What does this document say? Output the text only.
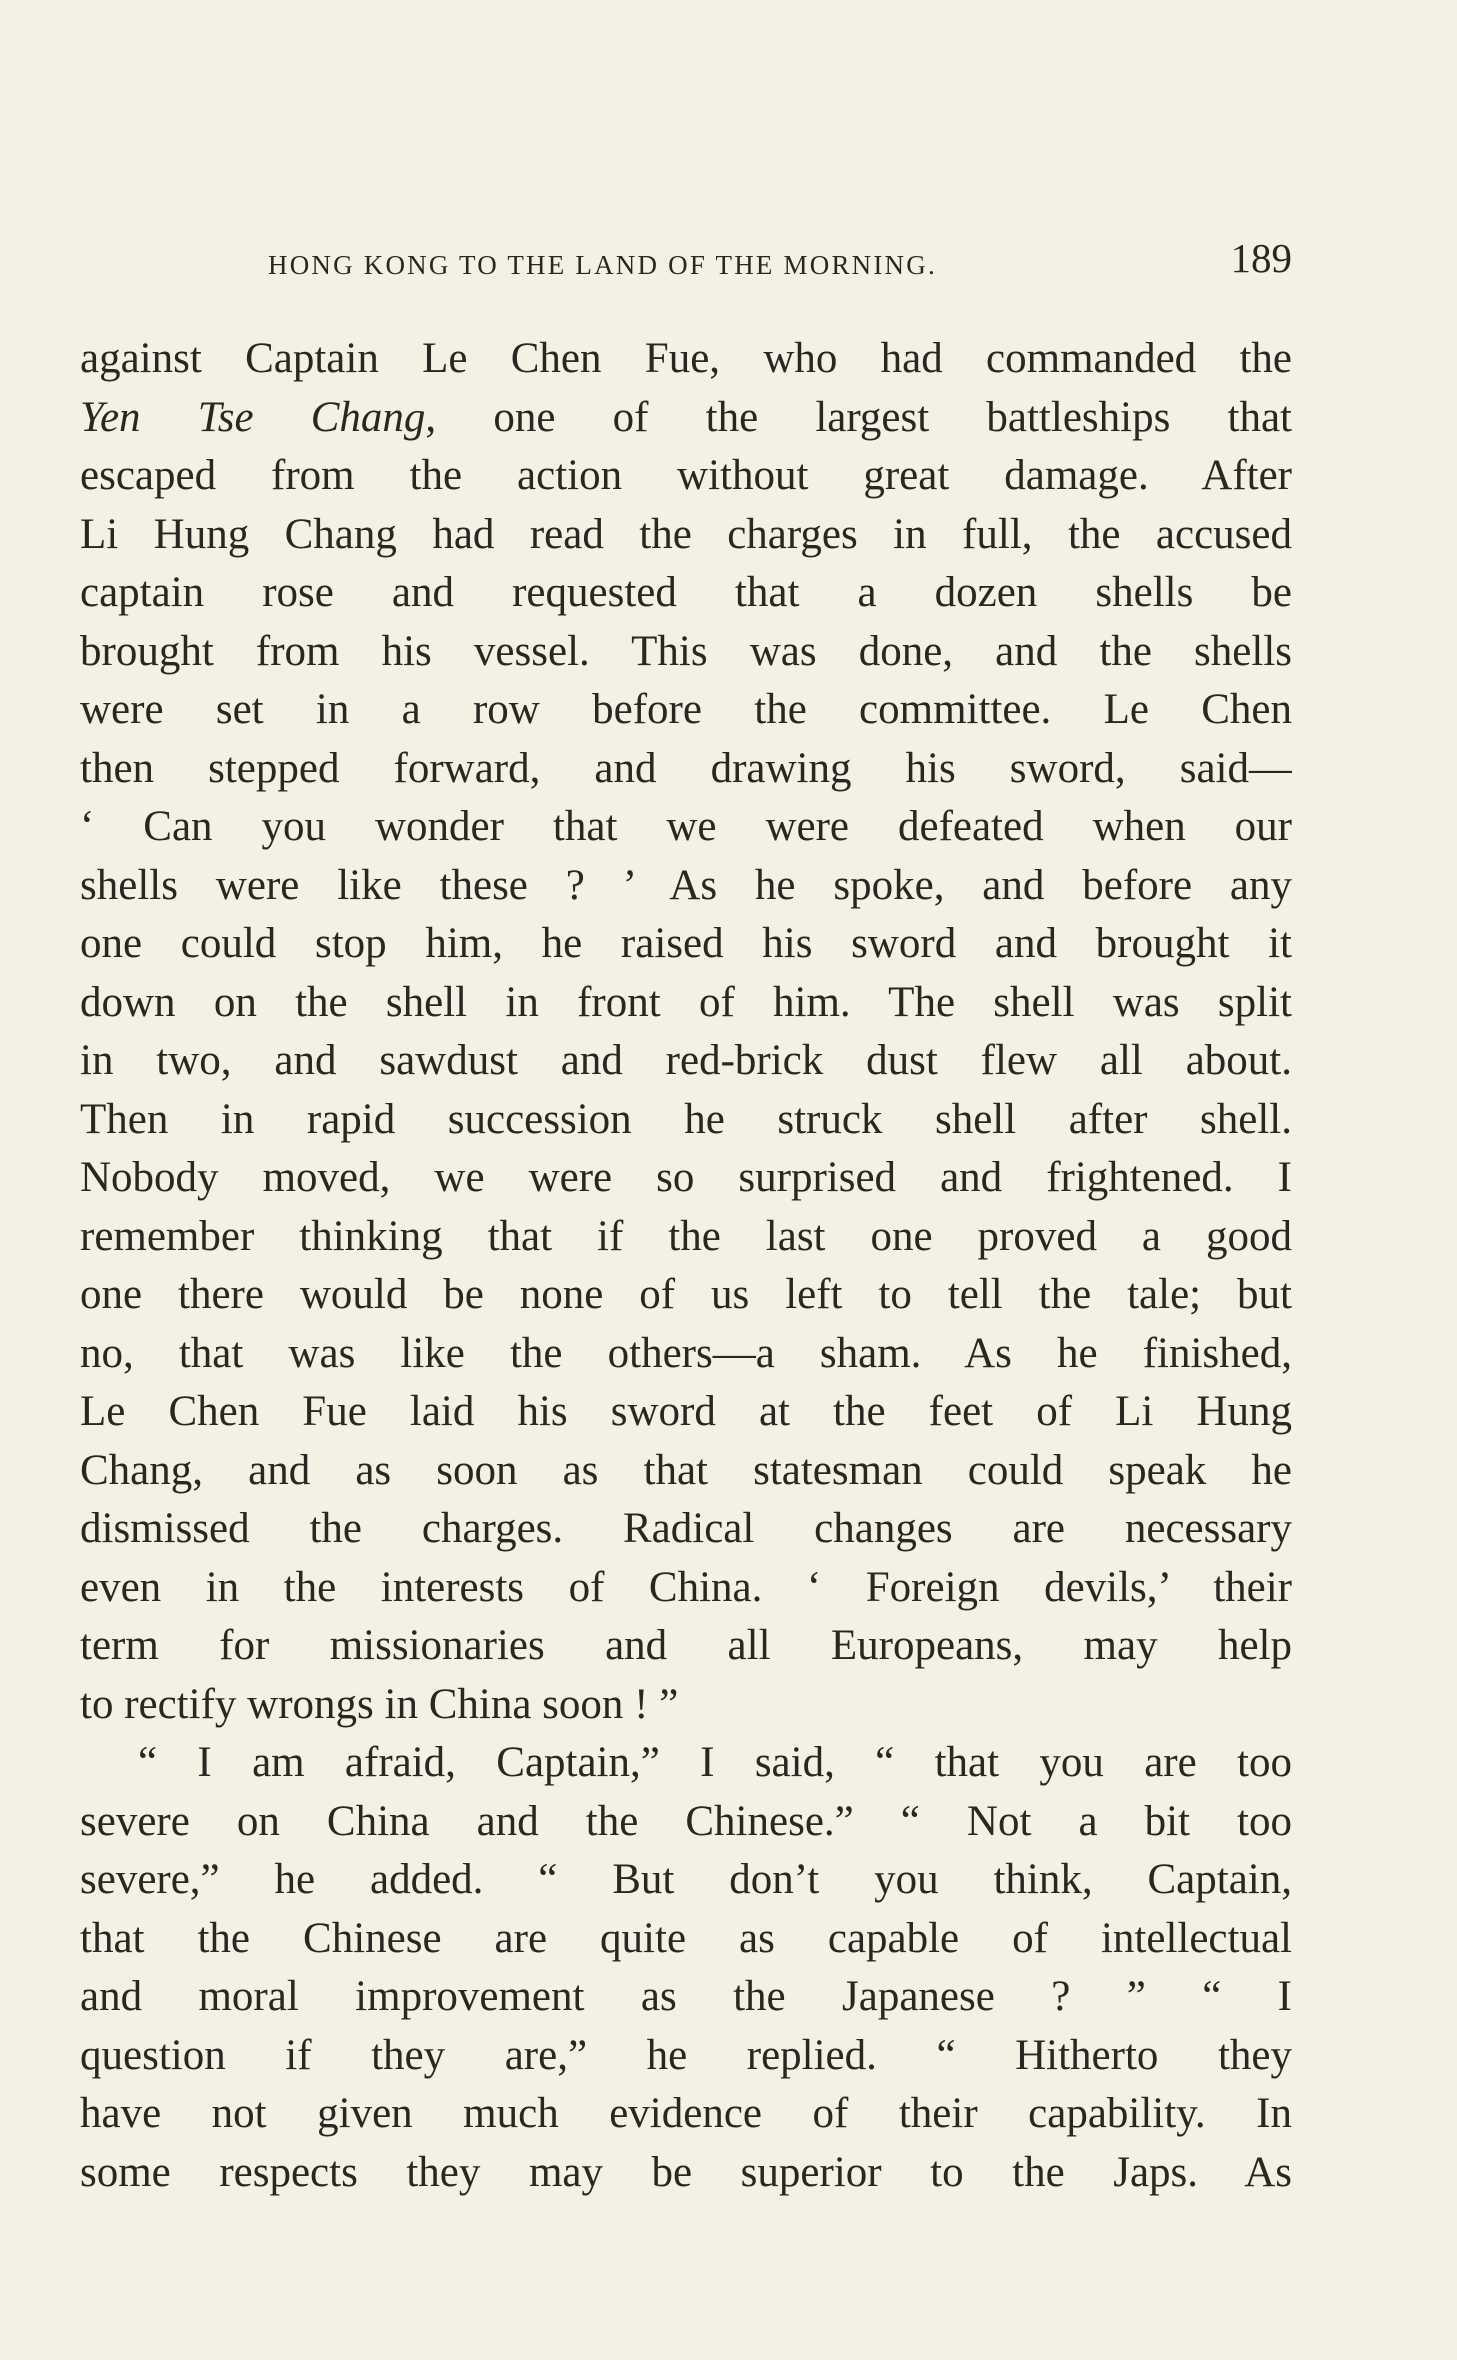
HONG KONG TO THE LAND OF THE MORNING.	189
against Captain Le Chen Fue, who had commanded the
Yen Tse Chang, one of the largest battleships that
escaped from the action without great damage. After
Li Hung Chang had read the charges in full, the accused
captain rose and requested that a dozen shells be
brought from his vessel. This was done, and the shells
were set in a row before the committee. Le Chen
then stepped forward, and drawing his sword, said—
‘ Can you wonder that we were defeated when our
shells were like these ? ’ As he spoke, and before any
one could stop him, he raised his sword and brought it
down on the shell in front of him. The shell was split
in two, and sawdust and red-brick dust flew all about.
Then in rapid succession he struck shell after shell.
Nobody moved, we were so surprised and frightened. I
remember thinking that if the last one proved a good
one there would be none of us left to tell the tale; but
no, that was like the others—a sham. As he finished,
Le Chen Fue laid his sword at the feet of Li Hung
Chang, and as soon as that statesman could speak he
dismissed the charges. Radical changes are necessary
even in the interests of China. ‘ Foreign devils,’ their
term for missionaries and all Europeans, may help
to rectify wrongs in China soon ! ”
“ I am afraid, Captain,” I said, “ that you are too
severe on China and the Chinese.” “ Not a bit too
severe,” he added. “ But don’t you think, Captain,
that the Chinese are quite as capable of intellectual
and moral improvement as the Japanese ? ” “ I
question if they are,” he replied. “ Hitherto they
have not given much evidence of their capability. In
some respects they may be superior to the Japs. As
